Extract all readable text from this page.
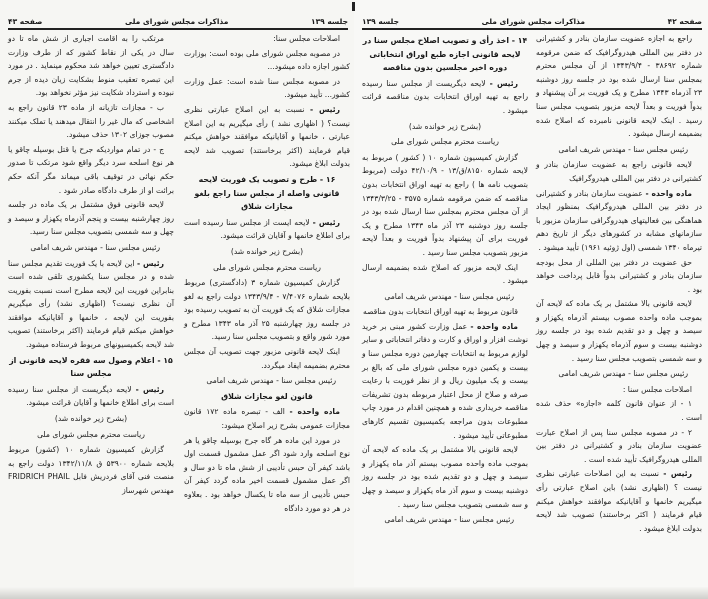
جلسه ۱۳۹
مذاکرات مجلس شورای ملی
صفحه ۴۳

اصلاحات مجلس سنا:

در مصوبه مجلس شورای ملی بوده است: بوزارت کشور اجازه داده میشود...

در مصوبه مجلس سنا شده است: عمل وزارت کشور... تأیید میشود.

رئیس - نسبت به این اصلاح عبارتی نظری نیست؟ ( اظهاری نشد ) رأی میگیریم به این اصلاح عبارتی ، خانمها و آقایانیکه موافقند خواهش میکنم قیام فرمایند (اکثر برخاستند) تصویب شد لایحه بدولت ابلاغ میشود.

۱۶ - طرح و تصویب یک فوریت لایحه قانونی واصله از مجلس سنا راجع بلغو مجازات شلاق

رئیس - لایحه ایست از مجلس سنا رسیده است برای اطلاع خانمها و آقایان قرائت میشود.

(بشرح زیر خوانده شد)

ریاست محترم مجلس شورای ملی

گزارش کمیسیون شماره ۳ (دادگستری) مربوط بلایحه شماره ۷/۴۰۷۶ - ۱۳۴۳/۹/۴ دولت راجع به لغو مجازات شلاق که یک فوریت آن به تصویب رسیده بود در جلسه روز چهارشنبه ۲۵ آذر ماه ۱۳۴۳ مطرح و مورد شور واقع و بتصویب مجلس سنا رسید.

اینک لایحه قانونی مزبور جهت تصویب آن مجلس محترم بضمیمه ایفاد میگردد.

رئیس مجلس سنا - مهندس شریف امامی

قانون لغو مجازات شلاق

ماده واحده - الف - تبصره ماده ۱۷۲ قانون مجازات عمومی بشرح زیر اصلاح میشود:

در مورد این ماده هر گاه جرح بوسیله چاقو یا هر نوع اسلحه وارد شود اگر عمل مشمول قسمت اول باشد کیفر آن حبس تأدیبی از شش ماه تا دو سال و اگر عمل مشمول قسمت اخیر ماده گردد کیفر آن حبس تأدیبی از سه ماه تا یکسال خواهد بود . بعلاوه در هر دو مورد دادگاه

مرتکب را به اقامت اجباری از شش ماه تا دو سال در یکی از نقاط کشور که از طرف وزارت دادگستری تعیین خواهد شد محکوم مینماید . در مورد این تبصره تعقیب منوط بشکایت زیان دیده از جرم نبوده و استرداد شکایت نیز مؤثر نخواهد بود.

ب - مجازات تازیانه از ماده ۲۳ قانون راجع به اشخاصی که مال غیر را انتقال میدهند یا تملک میکنند مصوب جوزای ۱۳۰۲ حذف میشود.

ج - در تمام مواردیکه جرح یا قتل بوسیله چاقو یا هر نوع اسلحه سرد دیگر واقع شود مرتکب تا صدور حکم نهائی در توقیف باقی میماند مگر آنکه حکم برائت او از طرف دادگاه صادر شود .

لایحه قانونی فوق مشتمل بر یک ماده در جلسه روز چهارشنبه بیست و پنجم آذرماه یکهزار و سیصد و چهل و سه شمسی بتصویب مجلس سنا رسید.

رئیس مجلس سنا - مهندس شریف امامی

رئیس - این لایحه با یک فوریت تقدیم مجلس سنا شده و در مجلس سنا یکشوری تلقی شده است بنابراین فوریت این لایحه مطرح است نسبت بفوریت آن نظری نیست؟ (اظهاری نشد) رأی میگیریم بفوریت این لایحه ، خانمها و آقایانیکه موافقند خواهش میکنم قیام فرمایند (اکثر برخاستند) تصویب شد لایحه بکمیسیونهای مربوط فرستاده میشود.

۱۵ - اعلام وصول سه فقره لایحه قانونی از مجلس سنا

رئیس - لایحه دیگریست از مجلس سنا رسیده است برای اطلاع خانمها و آقایان قرائت میشود.

(بشرح زیر خوانده شد)

ریاست محترم مجلس شورای ملی

گزارش کمیسیون شماره ۱۰ (کشور) مربوط بلایحه شماره ۵۳۹۰۰ ق ۱۳۴۲/۱۱/۸ دولت راجع به منصت فنی آقای فردریش فابل FRIDRICH PHAIL مهندس شهرساز

صفحه ۴۲
مذاکرات مجلس شورای ملی
جلسه ۱۳۹

راجع به اجازه عضویت سازمان بنادر و کشتیرانی در دفتر بین المللی هیدروگرافیک که ضمن مرقومه شماره ۳۸۶۹۲ - ۱۳۴۳/۹/۴ از آن مجلس محترم بمجلس سنا ارسال شده بود در جلسه روز دوشنبه ۲۳ آذرماه ۱۳۴۳ مطرح و یک فوریت بر آن پیشنهاد و بدواً فوریت و بعداً لایحه مزبور بتصویب مجلس سنا رسید . اینک لایحه قانونی نامبرده که اصلاح شده بضمیمه ارسال میشود .

رئیس مجلس سنا - مهندس شریف امامی

لایحه قانونی راجع به عضویت سازمان بنادر و کشتیرانی در دفتر بین المللی هیدروگرافیک

ماده واحده - عضویت سازمان بنادر و کشتیرانی در دفتر بین المللی هیدروگرافیک بمنظور ایجاد هماهنگی بین فعالیتهای هیدروگرافی سازمان مزبور با سازمانهای مشابه در کشورهای دیگر از تاریخ دهم تیرماه ۱۳۴۰ شمسی (اول ژوئیه ۱۹۶۱) تأیید میشود .

حق عضویت در دفتر بین المللی از محل بودجه سازمان بنادر و کشتیرانی بدواً قابل پرداخت خواهد بود .

لایحه قانونی بالا مشتمل بر یک ماده که لایحه آن بموجب ماده واحده مصوب بیستم آذرماه یکهزار و سیصد و چهل و دو تقدیم شده بود در جلسه روز دوشنبه بیست و سوم آذرماه یکهزار و سیصد و چهل و سه شمسی بتصویب مجلس سنا رسید .

رئیس مجلس سنا - مهندس شریف امامی

اصلاحات مجلس سنا :

۱ - از عنوان قانون کلمه «اجازه» حذف شده است .

۲ - در مصوبه مجلس سنا پس از اصلاح عبارت عضویت سازمان بنادر و کشتیرانی در دفتر بین المللی هیدروگرافیک تأیید شده است .

رئیس - نسبت به این اصلاحات عبارتی نظری نیست ؟ (اظهاری نشد) باین اصلاح عبارتی رأی میگیریم خانمها و آقایانیکه موافقند خواهش میکنم قیام فرمایند ( اکثر برخاستند) تصویب شد لایحه بدولت ابلاغ میشود .

۱۴ - اخذ رأی و تصویب اصلاح مجلس سنا در لایحه قانونی اجازه طبع اوراق انتخاباتی دوره اخیر مجلسین بدون مناقصه

رئیس - لایحه دیگریست از مجلس سنا رسیده راجع به تهیه اوراق انتخابات بدون مناقصه قرائت میشود .

(بشرح زیر خوانده شد)

ریاست محترم مجلس شورای ملی

گزارش کمیسیون شماره ۱۰ ( کشور ) مربوط به لایحه شماره ۸۱۵۰/ق/۱۳ - ۴۲/۱۰/۹ دولت (مربوط بتصویب نامه ها ) راجع به تهیه اوراق انتخابات بدون مناقصه که ضمن مرقومه شماره ۳۵۷۵ - ۱۳۴۳/۳/۲۵ از آن مجلس محترم بمجلس سنا ارسال شده بود در جلسه روز دوشنبه ۲۳ آذر ماه ۱۳۴۳ مطرح و یک فوریت برای آن پیشنهاد بدواً فوریت و بعداً لایحه مزبور بتصویب مجلس سنا رسید .

اینک لایحه مزبور که اصلاح شده بضمیمه ارسال میشود .

رئیس مجلس سنا - مهندس شریف امامی

قانون مربوط به تهیه اوراق انتخابات بدون مناقصه

ماده واحده - عمل وزارت کشور مبنی بر خرید نوشت افزار و اوراق و کارت و دفاتر انتخاباتی و سایر لوازم مربوط به انتخابات چهارمین دوره مجلس سنا و بیست و یکمین دوره مجلس شورای ملی که بالغ بر بیست و یک میلیون ریال و از نظر فوریت با رعایت صرفه و صلاح از محل اعتبار مربوطه بدون تشریفات مناقصه خریداری شده و همچنین اقدام در مورد چاپ مطبوعات بدون مراجعه بکمیسیون تقسیم کارهای مطبوعاتی تأیید میشود .

لایحه قانونی بالا مشتمل بر یک ماده که لایحه آن بموجب ماده واحده مصوب بیستم آذر ماه یکهزار و سیصد و چهل و دو تقدیم شده بود در جلسه روز دوشنبه بیست و سوم آذر ماه یکهزار و سیصد و چهل و سه شمسی بتصویب مجلس سنا رسید .

رئیس مجلس سنا - مهندس شریف امامی
